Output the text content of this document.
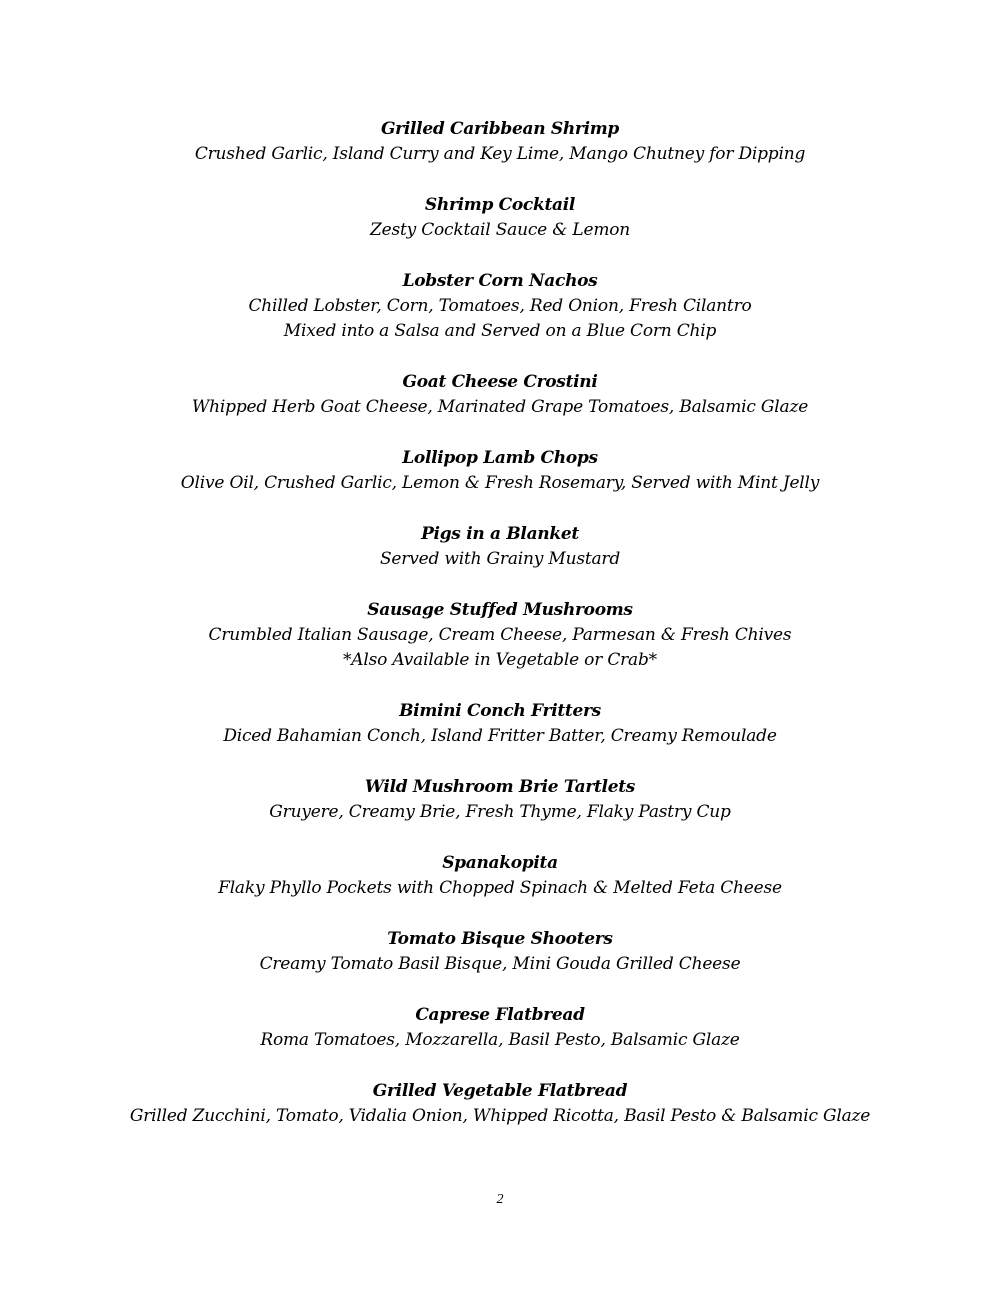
Grilled Caribbean Shrimp
Crushed Garlic, Island Curry and Key Lime, Mango Chutney for Dipping
Shrimp Cocktail
Zesty Cocktail Sauce & Lemon
Lobster Corn Nachos
Chilled Lobster, Corn, Tomatoes, Red Onion, Fresh Cilantro
Mixed into a Salsa and Served on a Blue Corn Chip
Goat Cheese Crostini
Whipped Herb Goat Cheese, Marinated Grape Tomatoes, Balsamic Glaze
Lollipop Lamb Chops
Olive Oil, Crushed Garlic, Lemon & Fresh Rosemary, Served with Mint Jelly
Pigs in a Blanket
Served with Grainy Mustard
Sausage Stuffed Mushrooms
Crumbled Italian Sausage, Cream Cheese, Parmesan & Fresh Chives
*Also Available in Vegetable or Crab*
Bimini Conch Fritters
Diced Bahamian Conch, Island Fritter Batter, Creamy Remoulade
Wild Mushroom Brie Tartlets
Gruyere, Creamy Brie, Fresh Thyme, Flaky Pastry Cup
Spanakopita
Flaky Phyllo Pockets with Chopped Spinach & Melted Feta Cheese
Tomato Bisque Shooters
Creamy Tomato Basil Bisque, Mini Gouda Grilled Cheese
Caprese Flatbread
Roma Tomatoes, Mozzarella, Basil Pesto, Balsamic Glaze
Grilled Vegetable Flatbread
Grilled Zucchini, Tomato, Vidalia Onion, Whipped Ricotta, Basil Pesto & Balsamic Glaze
2
